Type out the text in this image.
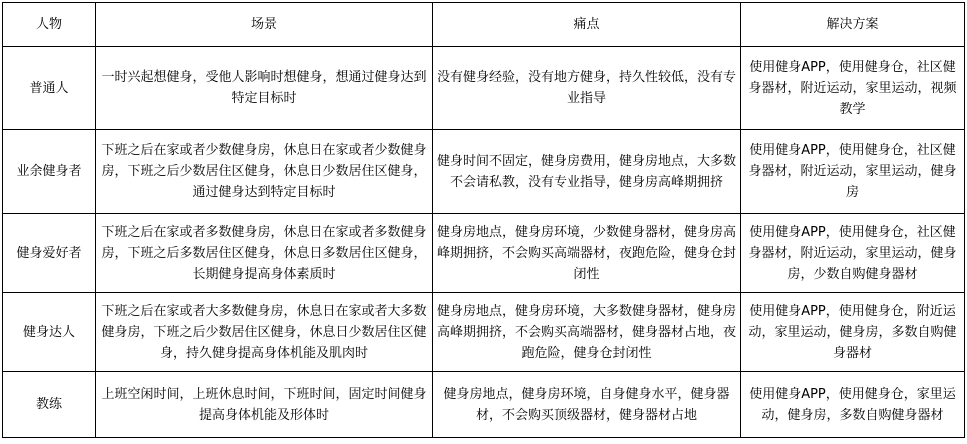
人物	场景	痛点	解决方案
普通人	一时兴起想健身，受他人影响时想健身，想通过健身达到特定目标时	没有健身经验，没有地方健身，持久性较低，没有专业指导	使用健身APP，使用健身仓，社区健身器材，附近运动，家里运动，视频教学
业余健身者	下班之后在家或者少数健身房，休息日在家或者少数健身房，下班之后少数居住区健身，休息日少数居住区健身，通过健身达到特定目标时	健身时间不固定，健身房费用，健身房地点，大多数不会请私教，没有专业指导，健身房高峰期拥挤	使用健身APP，使用健身仓，社区健身器材，附近运动，家里运动，健身房
健身爱好者	下班之后在家或者多数健身房，休息日在家或者多数健身房，下班之后多数居住区健身，休息日多数居住区健身，长期健身提高身体素质时	健身房地点，健身房环境，少数健身器材，健身房高峰期拥挤，不会购买高端器材，夜跑危险，健身仓封闭性	使用健身APP，使用健身仓，社区健身器材，附近运动，家里运动，健身房，少数自购健身器材
健身达人	下班之后在家或者大多数健身房，休息日在家或者大多数健身房，下班之后少数居住区健身，休息日少数居住区健身，持久健身提高身体机能及肌肉时	健身房地点，健身房环境，大多数健身器材，健身房高峰期拥挤，不会购买高端器材，健身器材占地，夜跑危险，健身仓封闭性	使用健身APP，使用健身仓，附近运动，家里运动，健身房，多数自购健身器材
教练	上班空闲时间，上班休息时间，下班时间，固定时间健身提高身体机能及形体时	健身房地点，健身房环境，自身健身水平，健身器材，不会购买顶级器材，健身器材占地	使用健身APP，使用健身仓，家里运动，健身房，多数自购健身器材
